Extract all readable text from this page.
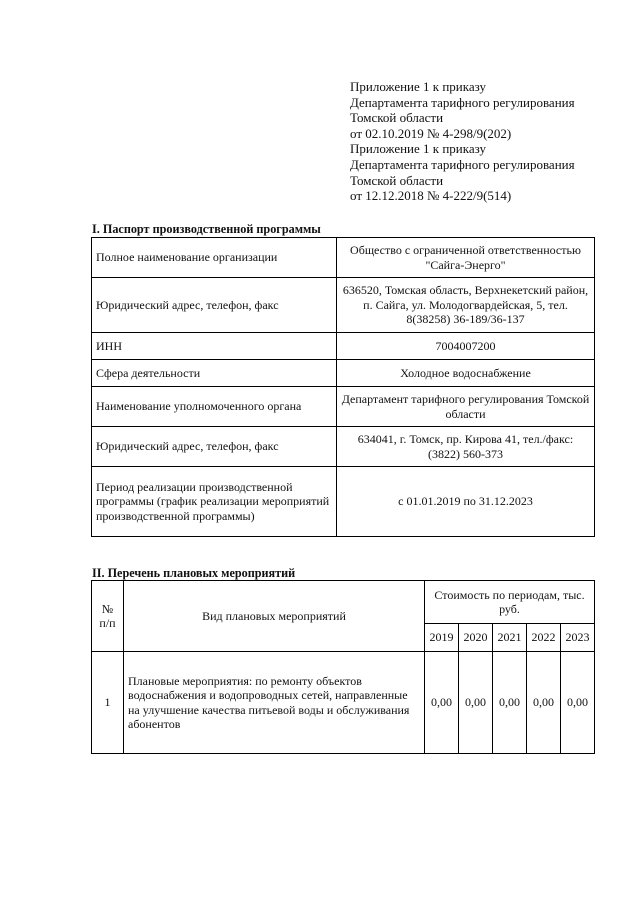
Приложение 1 к приказу
Департамента тарифного регулирования
Томской области
от 02.10.2019 № 4-298/9(202)
Приложение 1 к приказу
Департамента тарифного регулирования
Томской области
от 12.12.2018 № 4-222/9(514)
I. Паспорт производственной программы
Полное наименование организации	Общество с ограниченной ответственностью "Сайга-Энерго"
Юридический адрес, телефон, факс	636520, Томская область, Верхнекетский район, п. Сайга, ул. Молодогвардейская, 5, тел. 8(38258) 36-189/36-137
ИНН	7004007200
Сфера деятельности	Холодное водоснабжение
Наименование уполномоченного органа	Департамент тарифного регулирования Томской области
Юридический адрес, телефон, факс	634041, г. Томск, пр. Кирова 41, тел./факс: (3822) 560-373
Период реализации производственной программы (график реализации мероприятий производственной программы)	с 01.01.2019 по 31.12.2023
II. Перечень плановых мероприятий
№ п/п	Вид плановых мероприятий	Стоимость по периодам, тыс. руб.				
		2019	2020	2021	2022	2023
1	Плановые мероприятия: по ремонту объектов водоснабжения и водопроводных сетей, направленные на улучшение качества питьевой воды и обслуживания абонентов	0,00	0,00	0,00	0,00	0,00
